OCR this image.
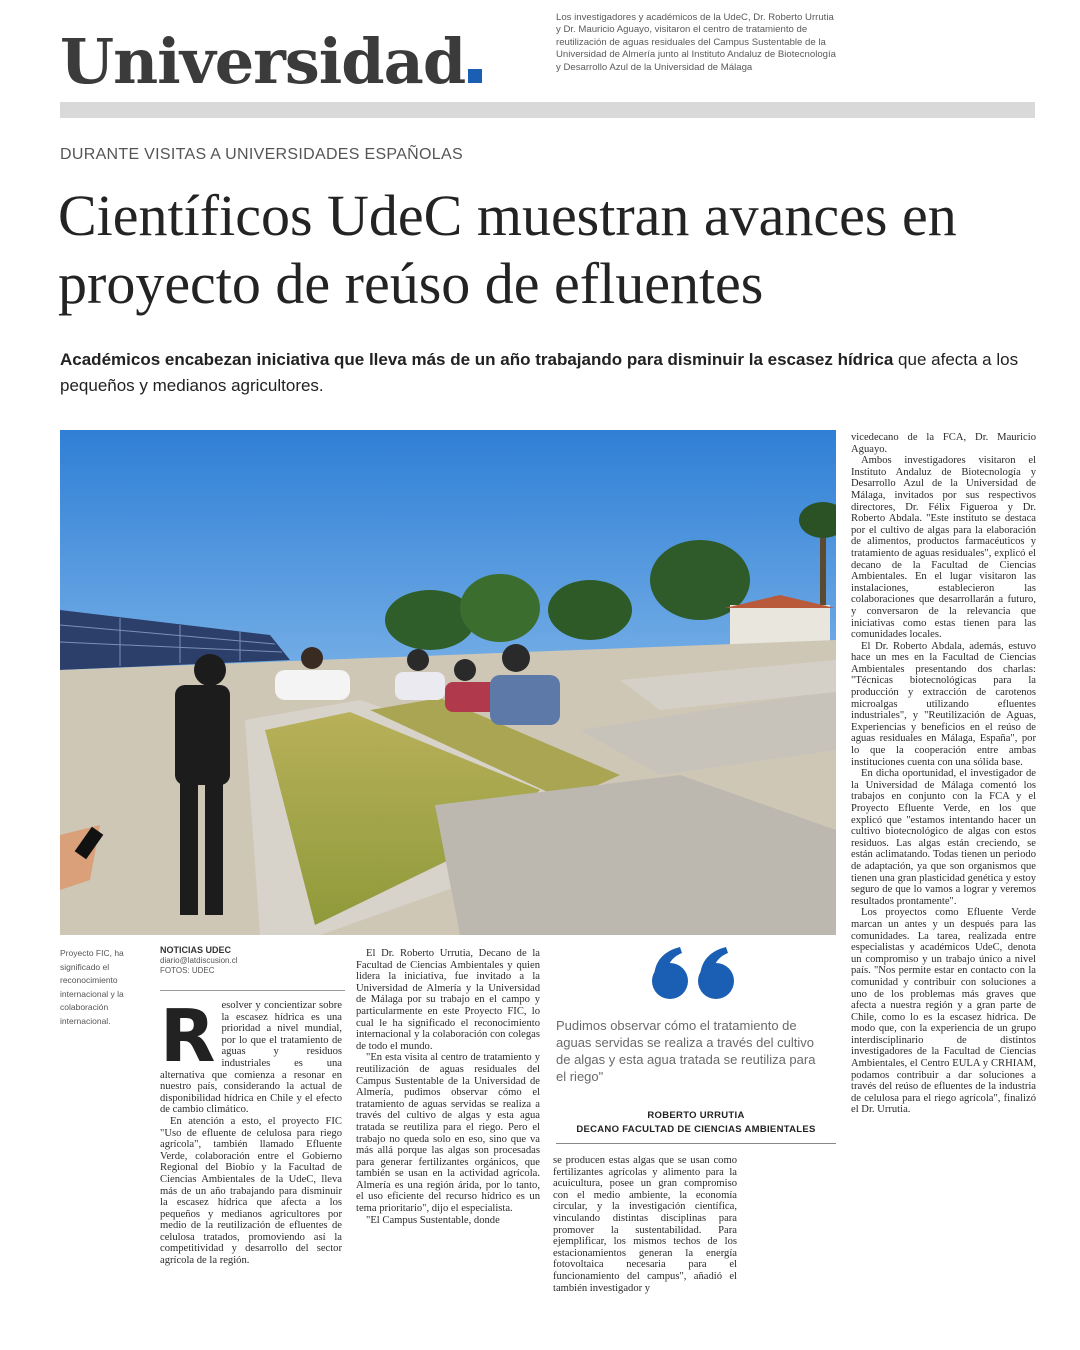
Universidad
Los investigadores y académicos de la UdeC, Dr. Roberto Urrutia y Dr. Mauricio Aguayo, visitaron el centro de tratamiento de reutilización de aguas residuales del Campus Sustentable de la Universidad de Almería junto al Instituto Andaluz de Biotecnología y Desarrollo Azul de la Universidad de Málaga
DURANTE VISITAS A UNIVERSIDADES ESPAÑOLAS
Científicos UdeC muestran avances en proyecto de reúso de efluentes
Académicos encabezan iniciativa que lleva más de un año trabajando para disminuir la escasez hídrica que afecta a los pequeños y medianos agricultores.
Proyecto FIC, ha significado el reconocimiento internacional y la colaboración internacional.
NOTICIAS UDEC
diario@latdiscusion.cl
FOTOS: UDEC
R esolver y concientizar sobre la escasez hídrica es una prioridad a nivel mundial, por lo que el tratamiento de aguas y residuos industriales es una alternativa que comienza a resonar en nuestro país, considerando la actual de disponibilidad hídrica en Chile y el efecto de cambio climático.

En atención a esto, el proyecto FIC "Uso de efluente de celulosa para riego agrícola", también llamado Efluente Verde, colaboración entre el Gobierno Regional del Biobío y la Facultad de Ciencias Ambientales de la UdeC, lleva más de un año trabajando para disminuir la escasez hídrica que afecta a los pequeños y medianos agricultores por medio de la reutilización de efluentes de celulosa tratados, promoviendo así la competitividad y desarrollo del sector agrícola de la región.

El Dr. Roberto Urrutia, Decano de la Facultad de Ciencias Ambientales y quien lidera la iniciativa, fue invitado a la Universidad de Almería y la Universidad de Málaga por su trabajo en el campo y particularmente en este Proyecto FIC, lo cual le ha significado el reconocimiento internacional y la colaboración con colegas de todo el mundo.

"En esta visita al centro de tratamiento y reutilización de aguas residuales del Campus Sustentable de la Universidad de Almería, pudimos observar cómo el tratamiento de aguas servidas se realiza a través del cultivo de algas y esta agua tratada se reutiliza para el riego. Pero el trabajo no queda solo en eso, sino que va más allá porque las algas son procesadas para generar fertilizantes orgánicos, que también se usan en la actividad agrícola. Almería es una región árida, por lo tanto, el uso eficiente del recurso hídrico es un tema prioritario", dijo el especialista.

"El Campus Sustentable, donde

Pudimos observar cómo el tratamiento de aguas servidas se realiza a través del cultivo de algas y esta agua tratada se reutiliza para el riego"
ROBERTO URRUTIA
DECANO FACULTAD DE CIENCIAS AMBIENTALES

se producen estas algas que se usan como fertilizantes agrícolas y alimento para la acuicultura, posee un gran compromiso con el medio ambiente, la economía circular, y la investigación científica, vinculando distintas disciplinas para promover la sustentabilidad. Para ejemplificar, los mismos techos de los estacionamientos generan la energía fotovoltaica necesaria para el funcionamiento del campus", añadió el también investigador y

vicedecano de la FCA, Dr. Mauricio Aguayo.

Ambos investigadores visitaron el Instituto Andaluz de Biotecnología y Desarrollo Azul de la Universidad de Málaga, invitados por sus respectivos directores, Dr. Félix Figueroa y Dr. Roberto Abdala. "Este instituto se destaca por el cultivo de algas para la elaboración de alimentos, productos farmacéuticos y tratamiento de aguas residuales", explicó el decano de la Facultad de Ciencias Ambientales. En el lugar visitaron las instalaciones, establecieron las colaboraciones que desarrollarán a futuro, y conversaron de la relevancia que iniciativas como estas tienen para las comunidades locales.

El Dr. Roberto Abdala, además, estuvo hace un mes en la Facultad de Ciencias Ambientales presentando dos charlas: "Técnicas biotecnológicas para la producción y extracción de carotenos microalgas utilizando efluentes industriales", y "Reutilización de Aguas, Experiencias y beneficios en el reúso de aguas residuales en Málaga, España", por lo que la cooperación entre ambas instituciones cuenta con una sólida base.

En dicha oportunidad, el investigador de la Universidad de Málaga comentó los trabajos en conjunto con la FCA y el Proyecto Efluente Verde, en los que explicó que "estamos intentando hacer un cultivo biotecnológico de algas con estos residuos. Las algas están creciendo, se están aclimatando. Todas tienen un periodo de adaptación, ya que son organismos que tienen una gran plasticidad genética y estoy seguro de que lo vamos a lograr y veremos resultados prontamente".

Los proyectos como Efluente Verde marcan un antes y un después para las comunidades. La tarea, realizada entre especialistas y académicos UdeC, denota un compromiso y un trabajo único a nivel país. "Nos permite estar en contacto con la comunidad y contribuir con soluciones a uno de los problemas más graves que afecta a nuestra región y a gran parte de Chile, como lo es la escasez hídrica. De modo que, con la experiencia de un grupo interdisciplinario de distintos investigadores de la Facultad de Ciencias Ambientales, el Centro EULA y CRHIAM, podamos contribuir a dar soluciones a través del reúso de efluentes de la industria de celulosa para el riego agrícola", finalizó el Dr. Urrutia.
